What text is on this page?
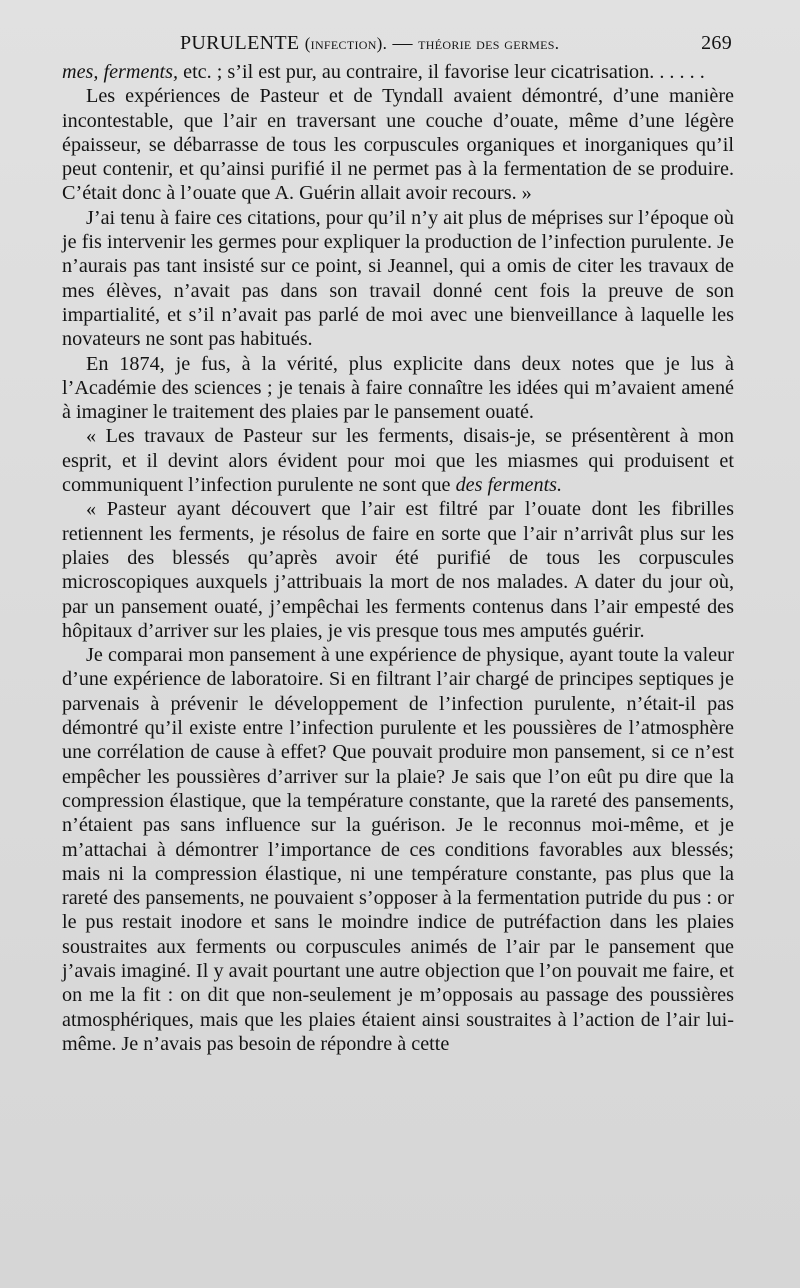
PURULENTE (infection). — théorie des germes.	269

mes, ferments, etc. ; s’il est pur, au contraire, il favorise leur cicatrisation. . . . . .

Les expériences de Pasteur et de Tyndall avaient démontré, d’une manière incontestable, que l’air en traversant une couche d’ouate, même d’une légère épaisseur, se débarrasse de tous les corpuscules organiques et inorganiques qu’il peut contenir, et qu’ainsi purifié il ne permet pas à la fermentation de se produire. C’était donc à l’ouate que A. Guérin allait avoir recours. »

J’ai tenu à faire ces citations, pour qu’il n’y ait plus de méprises sur l’époque où je fis intervenir les germes pour expliquer la production de l’infection purulente. Je n’aurais pas tant insisté sur ce point, si Jeannel, qui a omis de citer les travaux de mes élèves, n’avait pas dans son travail donné cent fois la preuve de son impartialité, et s’il n’avait pas parlé de moi avec une bienveillance à laquelle les novateurs ne sont pas habitués.

En 1874, je fus, à la vérité, plus explicite dans deux notes que je lus à l’Académie des sciences ; je tenais à faire connaître les idées qui m’avaient amené à imaginer le traitement des plaies par le pansement ouaté.

« Les travaux de Pasteur sur les ferments, disais-je, se présentèrent à mon esprit, et il devint alors évident pour moi que les miasmes qui produisent et communiquent l’infection purulente ne sont que des ferments.

« Pasteur ayant découvert que l’air est filtré par l’ouate dont les fibrilles retiennent les ferments, je résolus de faire en sorte que l’air n’arrivât plus sur les plaies des blessés qu’après avoir été purifié de tous les corpuscules microscopiques auxquels j’attribuais la mort de nos malades. A dater du jour où, par un pansement ouaté, j’empêchai les ferments contenus dans l’air empesté des hôpitaux d’arriver sur les plaies, je vis presque tous mes amputés guérir.

Je comparai mon pansement à une expérience de physique, ayant toute la valeur d’une expérience de laboratoire. Si en filtrant l’air chargé de principes septiques je parvenais à prévenir le développement de l’infection purulente, n’était-il pas démontré qu’il existe entre l’infection purulente et les poussières de l’atmosphère une corrélation de cause à effet? Que pouvait produire mon pansement, si ce n’est empêcher les poussières d’arriver sur la plaie? Je sais que l’on eût pu dire que la compression élastique, que la température constante, que la rareté des pansements, n’étaient pas sans influence sur la guérison. Je le reconnus moi-même, et je m’attachai à démontrer l’importance de ces conditions favorables aux blessés; mais ni la compression élastique, ni une température constante, pas plus que la rareté des pansements, ne pouvaient s’opposer à la fermentation putride du pus : or le pus restait inodore et sans le moindre indice de putréfaction dans les plaies soustraites aux ferments ou corpuscules animés de l’air par le pansement que j’avais imaginé. Il y avait pourtant une autre objection que l’on pouvait me faire, et on me la fit : on dit que non-seulement je m’opposais au passage des poussières atmosphériques, mais que les plaies étaient ainsi soustraites à l’action de l’air lui-même. Je n’avais pas besoin de répondre à cette
